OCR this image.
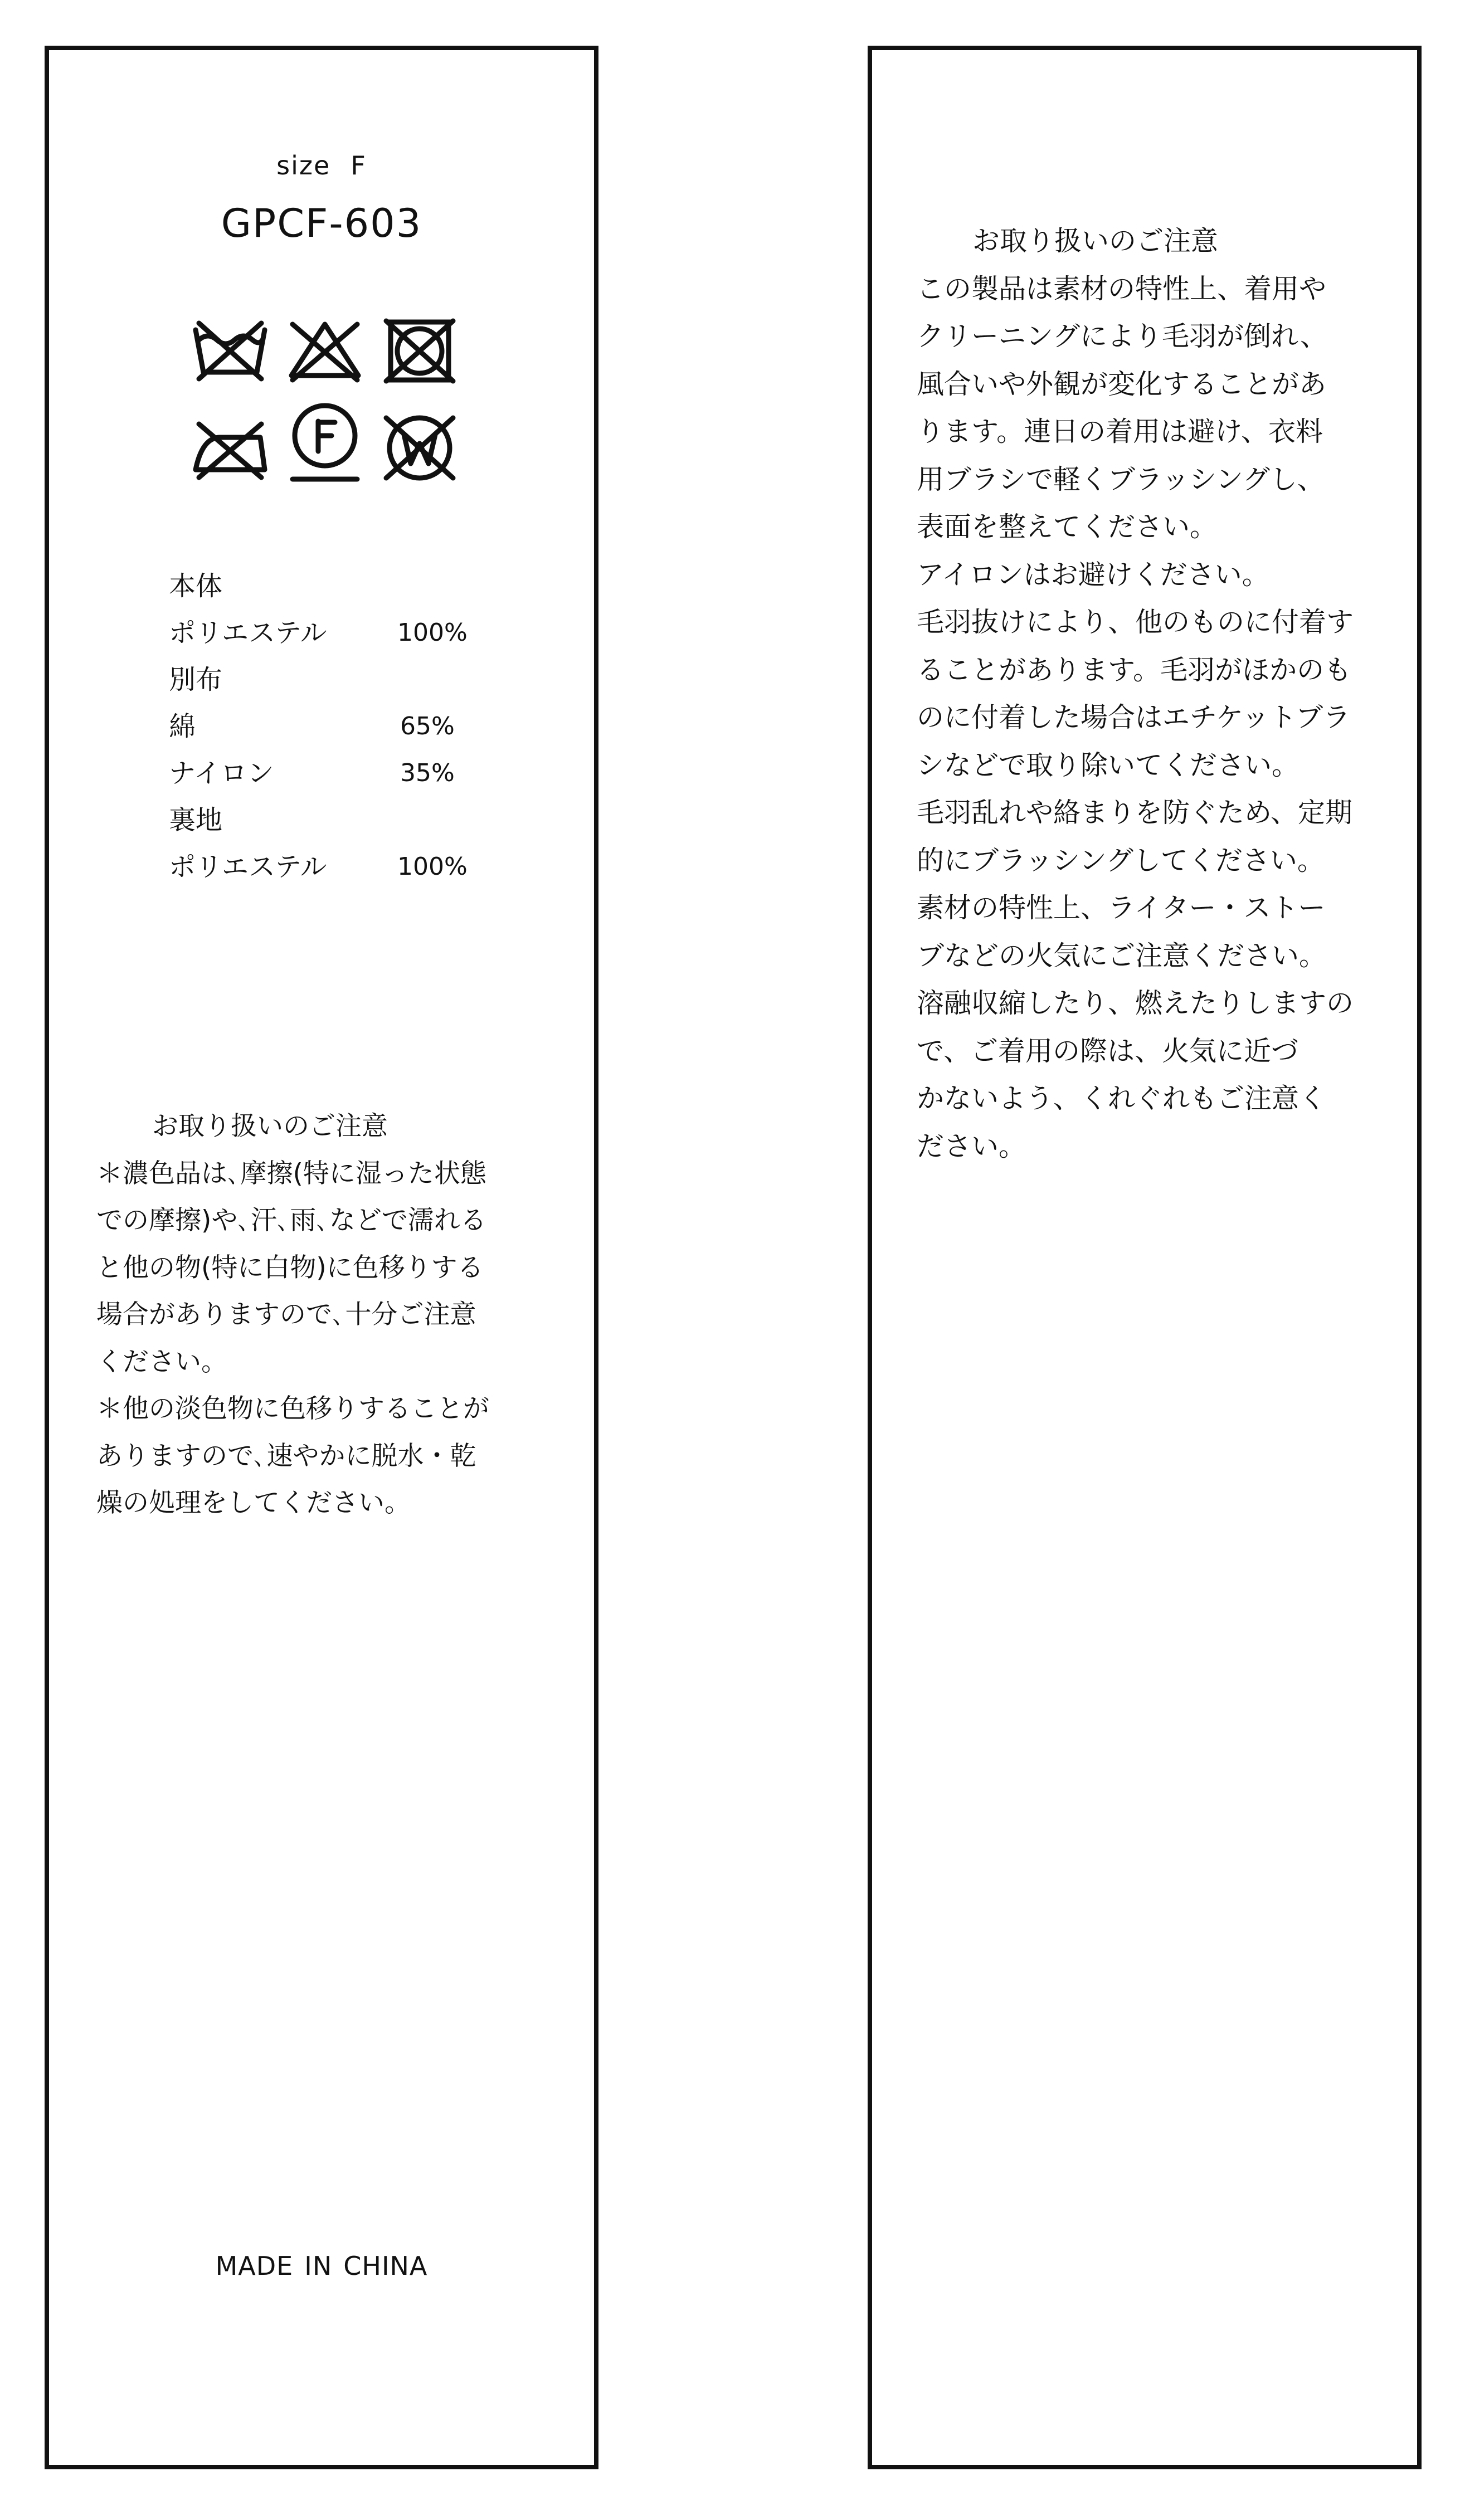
size F
GPCF-603
本体
ポリエステル	100%
別布
綿	65%
ナイロン	35%
裏地
ポリエステル	100%
お取り扱いのご注意
＊濃色品は､摩擦(特に湿った状態
での摩擦)や､汗､雨､などで濡れる
と他の物(特に白物)に色移りする
場合がありますので､十分ご注意
ください。
＊他の淡色物に色移りすることが
ありますので､速やかに脱水・乾
燥の処理をしてください。
MADE IN CHINA
お取り扱いのご注意
この製品は素材の特性上、着用や
クリーニングにより毛羽が倒れ、
風合いや外観が変化することがあ
ります。連日の着用は避け、衣料
用ブラシで軽くブラッシングし、
表面を整えてください。
アイロンはお避けください。
毛羽抜けにより、他のものに付着す
ることがあります。毛羽がほかのも
のに付着した場合はエチケットブラ
シなどで取り除いてください。
毛羽乱れや絡まりを防ぐため、定期
的にブラッシングしてください。
素材の特性上、ライター・ストー
ブなどの火気にご注意ください。
溶融収縮したり、燃えたりしますの
で、ご着用の際は、火気に近づ
かないよう、くれぐれもご注意く
ださい。
